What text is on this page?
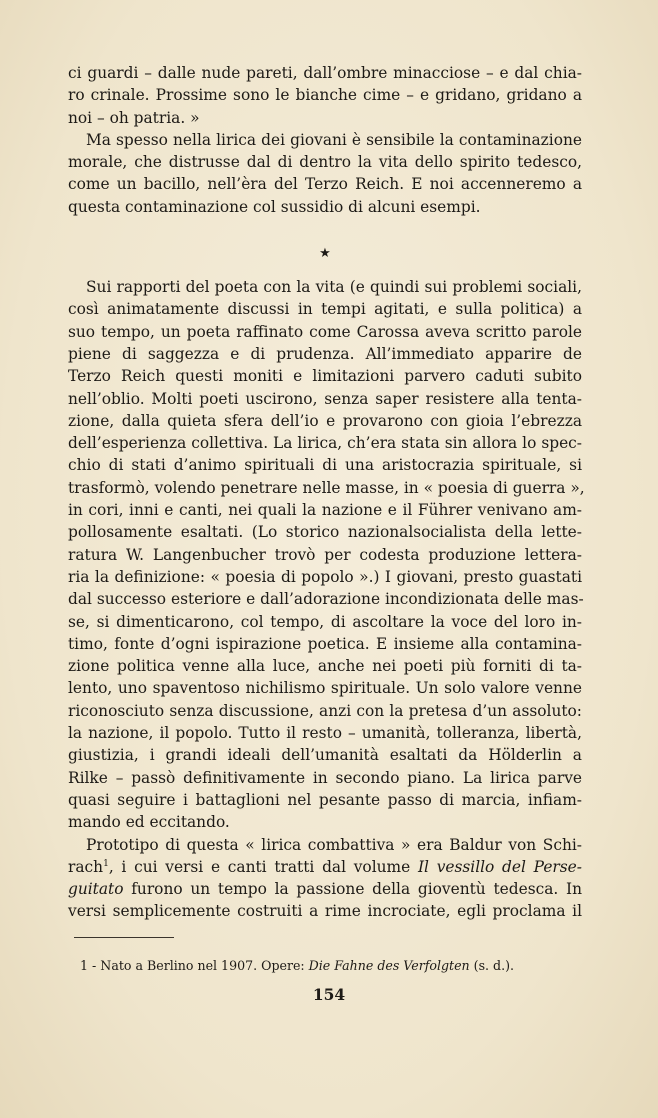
ci guardi – dalle nude pareti, dall’ombre minacciose – e dal chia-
ro crinale. Prossime sono le bianche cime – e gridano, gridano a
noi – oh patria. »

Ma spesso nella lirica dei giovani è sensibile la contaminazione
morale, che distrusse dal di dentro la vita dello spirito tedesco,
come un bacillo, nell’èra del Terzo Reich. E noi accenneremo a
questa contaminazione col sussidio di alcuni esempi.

★

Sui rapporti del poeta con la vita (e quindi sui problemi sociali,
così animatamente discussi in tempi agitati, e sulla politica) a
suo tempo, un poeta raffinato come Carossa aveva scritto parole
piene di saggezza e di prudenza. All’immediato apparire de
Terzo Reich questi moniti e limitazioni parvero caduti subito
nell’oblio. Molti poeti uscirono, senza saper resistere alla tenta-
zione, dalla quieta sfera dell’io e provarono con gioia l’ebrezza
dell’esperienza collettiva. La lirica, ch’era stata sin allora lo spec-
chio di stati d’animo spirituali di una aristocrazia spirituale, si
trasformò, volendo penetrare nelle masse, in « poesia di guerra »,
in cori, inni e canti, nei quali la nazione e il Führer venivano am-
pollosamente esaltati. (Lo storico nazionalsocialista della lette-
ratura W. Langenbucher trovò per codesta produzione lettera-
ria la definizione: « poesia di popolo ».) I giovani, presto guastati
dal successo esteriore e dall’adorazione incondizionata delle mas-
se, si dimenticarono, col tempo, di ascoltare la voce del loro in-
timo, fonte d’ogni ispirazione poetica. E insieme alla contamina-
zione politica venne alla luce, anche nei poeti più forniti di ta-
lento, uno spaventoso nichilismo spirituale. Un solo valore venne
riconosciuto senza discussione, anzi con la pretesa d’un assoluto:
la nazione, il popolo. Tutto il resto – umanità, tolleranza, libertà,
giustizia, i grandi ideali dell’umanità esaltati da Hölderlin a
Rilke – passò definitivamente in secondo piano. La lirica parve
quasi seguire i battaglioni nel pesante passo di marcia, infiam-
mando ed eccitando.

Prototipo di questa « lirica combattiva » era Baldur von Schi-
rach$^1$, i cui versi e canti tratti dal volume Il vessillo del Perse-
guitato furono un tempo la passione della gioventù tedesca. In
versi semplicemente costruiti a rime incrociate, egli proclama il

1 - Nato a Berlino nel 1907. Opere: Die Fahne des Verfolgten (s. d.).
154
